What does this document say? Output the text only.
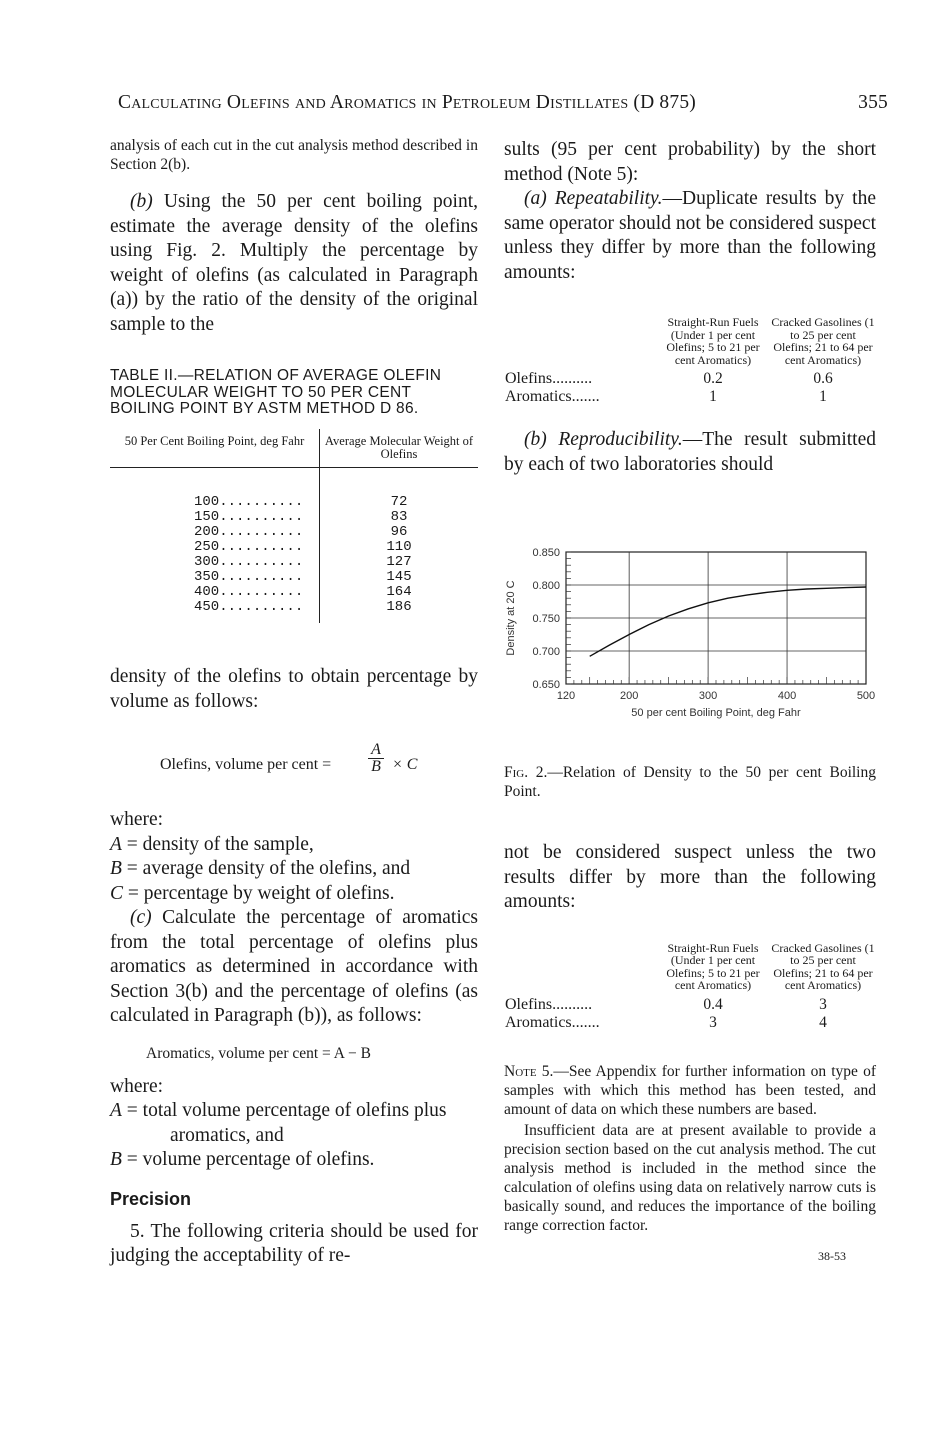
Calculating Olefins and Aromatics in Petroleum Distillates (D 875)	355

analysis of each cut in the cut analysis method described in Section 2(b).

(b) Using the 50 per cent boiling point, estimate the average density of the olefins using Fig. 2. Multiply the percentage by weight of olefins (as calculated in Paragraph (a)) by the ratio of the density of the original sample to the

TABLE II.—RELATION OF AVERAGE OLEFIN MOLECULAR WEIGHT TO 50 PER CENT BOILING POINT BY ASTM METHOD D 86.

50 Per Cent Boiling Point, deg Fahr	Average Molecular Weight of Olefins

100..........	72
150..........	83
200..........	96
250..........	110
300..........	127
350..........	145
400..........	164
450..........	186

density of the olefins to obtain percentage by volume as follows:

Olefins, volume per cent = $\frac{A}{B} \times C$
where:
A = density of the sample,
B = average density of the olefins, and
C = percentage by weight of olefins.

(c) Calculate the percentage of aromatics from the total percentage of olefins plus aromatics as determined in accordance with Section 3(b) and the percentage of olefins (as calculated in Paragraph (b)), as follows:

Aromatics, volume per cent = A − B
where:
A = total volume percentage of olefins plus aromatics, and
B = volume percentage of olefins.
Precision

5. The following criteria should be used for judging the acceptability of re-

sults (95 per cent probability) by the short method (Note 5):

(a) Repeatability.—Duplicate results by the same operator should not be considered suspect unless they differ by more than the following amounts:

	Straight-Run Fuels (Under 1 per cent Olefins; 5 to 21 per cent Aromatics)	Cracked Gasolines (1 to 25 per cent Olefins; 21 to 64 per cent Aromatics)
Olefins..........	0.2	0.6
Aromatics.......	1	1

(b) Reproducibility.—The result submitted by each of two laboratories should

0.850
0.800
0.750
0.700
0.650
120	200	300	400	500
50 per cent Boiling Point, deg Fahr
Density at 20 C
Fig. 2.—Relation of Density to the 50 per cent Boiling Point.

not be considered suspect unless the two results differ by more than the following amounts:

	Straight-Run Fuels (Under 1 per cent Olefins; 5 to 21 per cent Aromatics)	Cracked Gasolines (1 to 25 per cent Olefins; 21 to 64 per cent Aromatics)
Olefins..........	0.4	3
Aromatics.......	3	4

Note 5.—See Appendix for further information on type of samples with which this method has been tested, and amount of data on which these numbers are based.

Insufficient data are at present available to provide a precision section based on the cut analysis method. The cut analysis method is included in the method since the calculation of olefins using data on relatively narrow cuts is basically sound, and reduces the importance of the boiling range correction factor.

38-53
